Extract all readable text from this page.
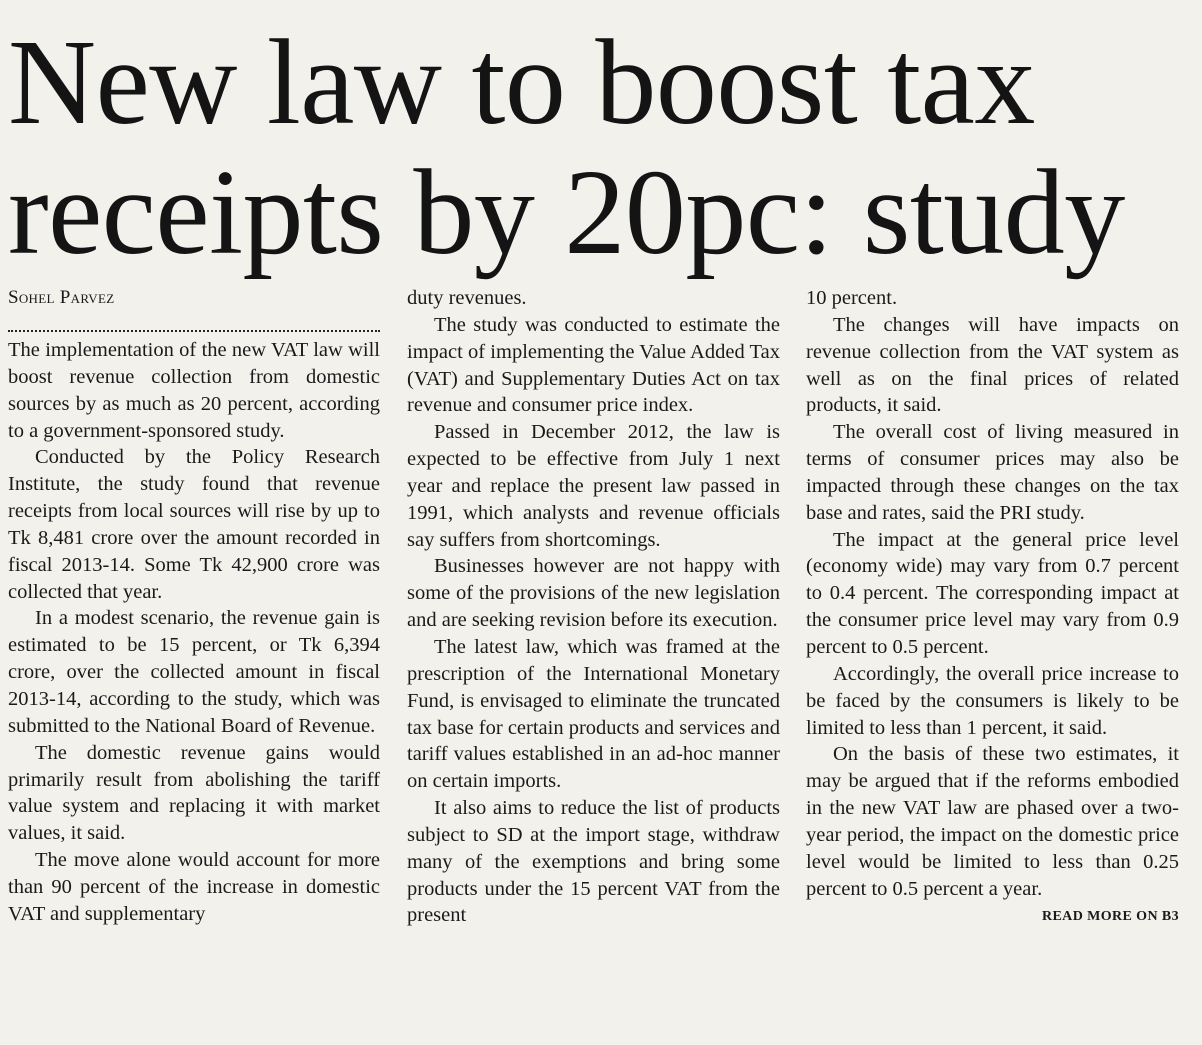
New law to boost tax
receipts by 20pc: study
Sohel Parvez

The implementation of the new VAT law will boost revenue collection from domestic sources by as much as 20 percent, according to a government-sponsored study.

Conducted by the Policy Research Institute, the study found that revenue receipts from local sources will rise by up to Tk 8,481 crore over the amount recorded in fiscal 2013-14. Some Tk 42,900 crore was collected that year.

In a modest scenario, the revenue gain is estimated to be 15 percent, or Tk 6,394 crore, over the collected amount in fiscal 2013-14, according to the study, which was submitted to the National Board of Revenue.

The domestic revenue gains would primarily result from abolishing the tariff value system and replacing it with market values, it said.

The move alone would account for more than 90 percent of the increase in domestic VAT and supplementary

duty revenues.

The study was conducted to estimate the impact of implementing the Value Added Tax (VAT) and Supplementary Duties Act on tax revenue and consumer price index.

Passed in December 2012, the law is expected to be effective from July 1 next year and replace the present law passed in 1991, which analysts and revenue officials say suffers from shortcomings.

Businesses however are not happy with some of the provisions of the new legislation and are seeking revision before its execution.

The latest law, which was framed at the prescription of the International Monetary Fund, is envisaged to eliminate the truncated tax base for certain products and services and tariff values established in an ad-hoc manner on certain imports.

It also aims to reduce the list of products subject to SD at the import stage, withdraw many of the exemptions and bring some products under the 15 percent VAT from the present

10 percent.

The changes will have impacts on revenue collection from the VAT system as well as on the final prices of related products, it said.

The overall cost of living measured in terms of consumer prices may also be impacted through these changes on the tax base and rates, said the PRI study.

The impact at the general price level (economy wide) may vary from 0.7 percent to 0.4 percent. The corresponding impact at the consumer price level may vary from 0.9 percent to 0.5 percent.

Accordingly, the overall price increase to be faced by the consumers is likely to be limited to less than 1 percent, it said.

On the basis of these two estimates, it may be argued that if the reforms embodied in the new VAT law are phased over a two-year period, the impact on the domestic price level would be limited to less than 0.25 percent to 0.5 percent a year.

READ MORE ON B3
